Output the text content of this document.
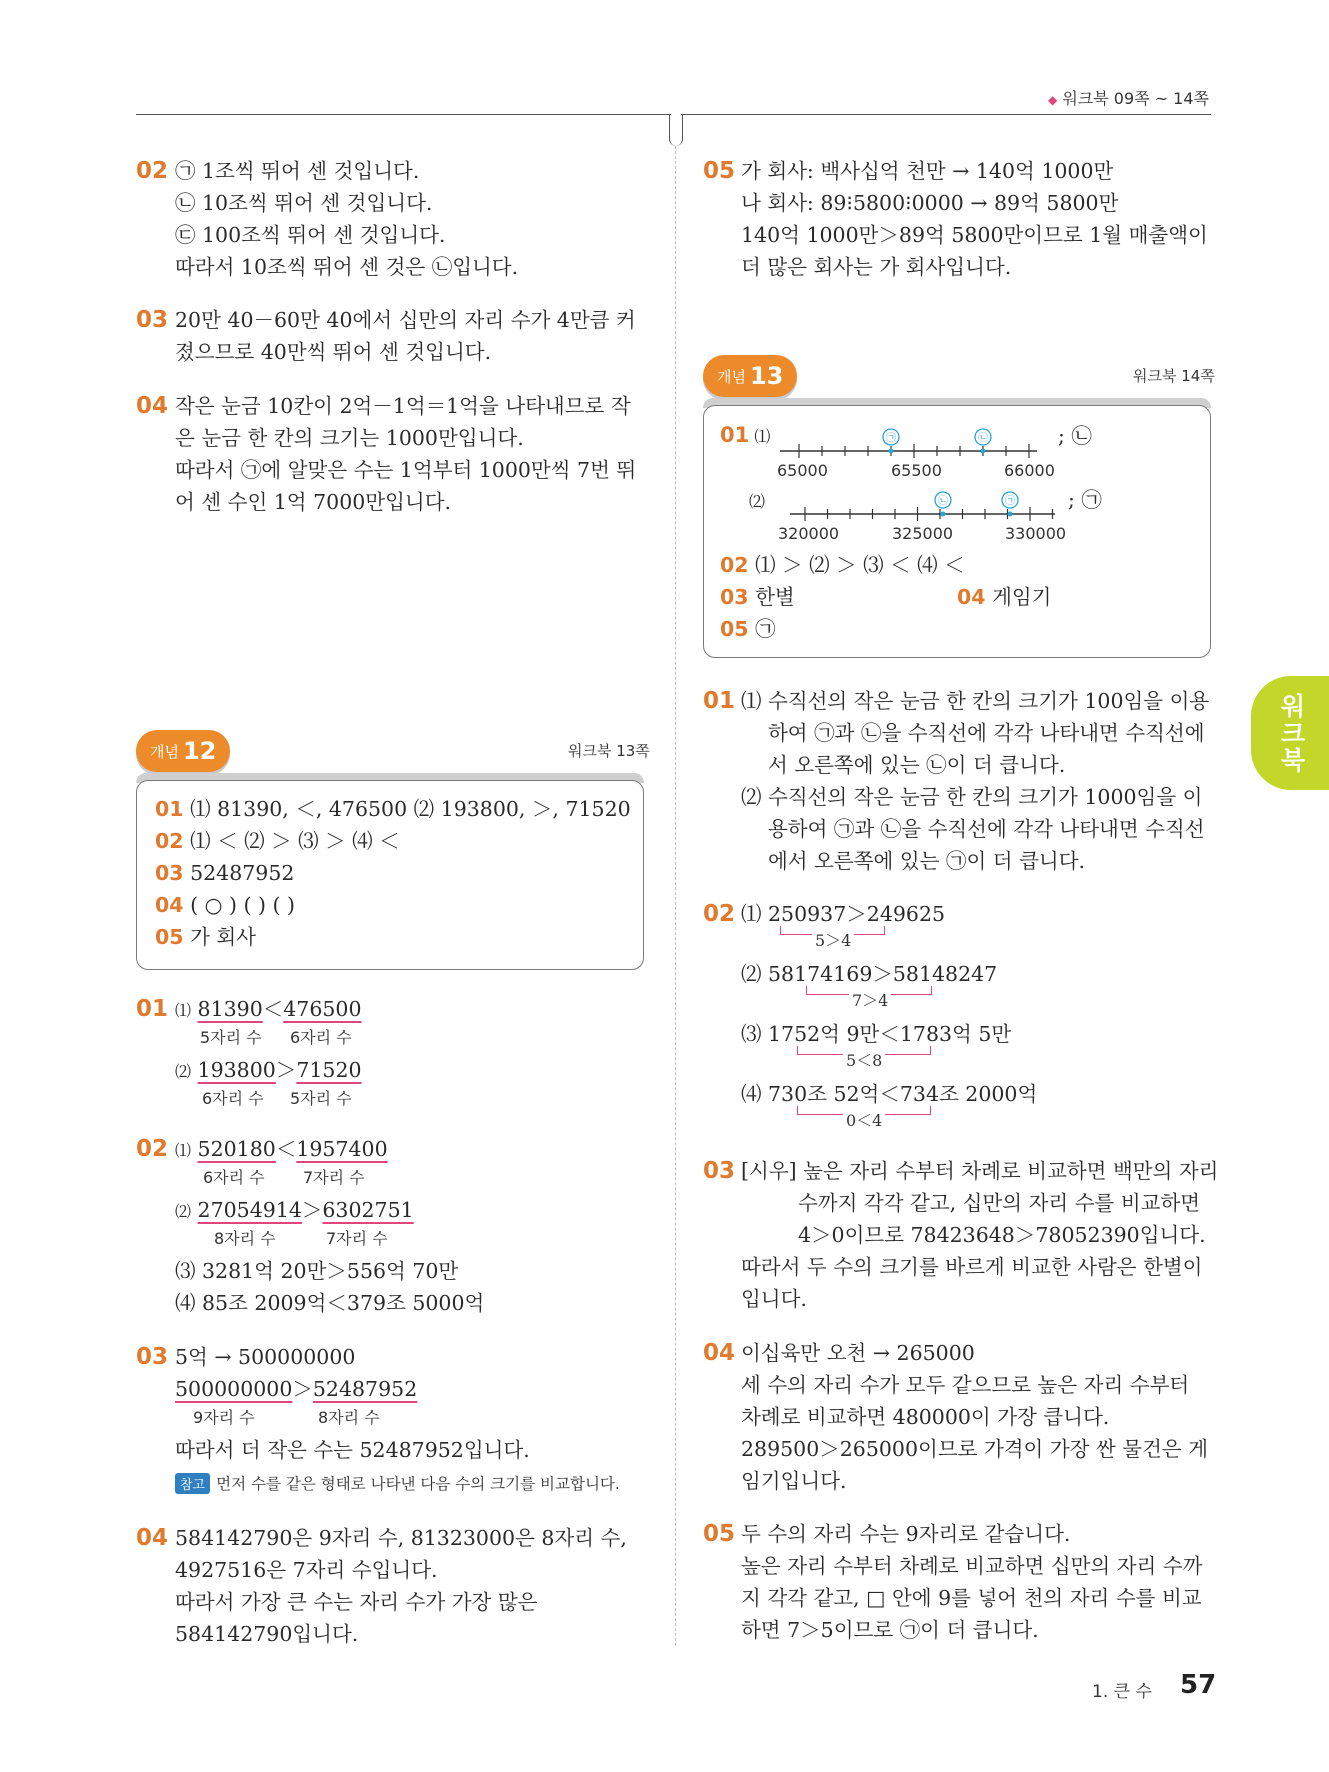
◆ 워크북 09쪽 ~ 14쪽
02 ㉠ 1조씩 뛰어 센 것입니다.
㉡ 10조씩 뛰어 센 것입니다.
㉢ 100조씩 뛰어 센 것입니다.
따라서 10조씩 뛰어 센 것은 ㉡입니다.
03 20만 40－60만 40에서 십만의 자리 수가 4만큼 커
졌으므로 40만씩 뛰어 센 것입니다.
04 작은 눈금 10칸이 2억－1억＝1억을 나타내므로 작
은 눈금 한 칸의 크기는 1000만입니다.
따라서 ㉠에 알맞은 수는 1억부터 1000만씩 7번 뛰
어 센 수인 1억 7000만입니다.
개념 12	워크북 13쪽
01 ⑴ 81390, ＜, 476500 ⑵ 193800, ＞, 71520
02 ⑴ ＜ ⑵ ＞ ⑶ ＞ ⑷ ＜
03 52487952
04 ( ○ ) ( ) ( )
05 가 회사
01 ⑴ 81390＜476500
5자리 수 6자리 수
⑵ 193800＞71520
6자리 수 5자리 수
02 ⑴ 520180＜1957400
6자리 수 7자리 수
⑵ 27054914＞6302751
8자리 수	7자리 수
⑶ 3281억 20만＞556억 70만
⑷ 85조 2009억＜379조 5000억
03 5억 → 500000000
500000000＞52487952
9자리 수	8자리 수
따라서 더 작은 수는 52487952입니다.
참고 먼저 수를 같은 형태로 나타낸 다음 수의 크기를 비교합니다.
04 584142790은 9자리 수, 81323000은 8자리 수,
4927516은 7자리 수입니다.
따라서 가장 큰 수는 자리 수가 가장 많은
584142790입니다.
05 가 회사: 백사십억 천만 → 140억 1000만
나 회사: 89⁝5800⁝0000 → 89억 5800만
140억 1000만＞89억 5800만이므로 1월 매출액이
더 많은 회사는 가 회사입니다.
개념 13	워크북 14쪽
01 ⑴
⑵
㉠	㉡
65000	65500	66000
; ㉡
㉡	㉠
320000	325000	330000
; ㉠
02 ⑴ ＞ ⑵ ＞ ⑶ ＜ ⑷ ＜
03 한별	04 게임기
05 ㉠
01 ⑴ 수직선의 작은 눈금 한 칸의 크기가 100임을 이용
하여 ㉠과 ㉡을 수직선에 각각 나타내면 수직선에
서 오른쪽에 있는 ㉡이 더 큽니다.
⑵ 수직선의 작은 눈금 한 칸의 크기가 1000임을 이
용하여 ㉠과 ㉡을 수직선에 각각 나타내면 수직선
에서 오른쪽에 있는 ㉠이 더 큽니다.
02 ⑴ 250937＞249625
5＞4
⑵ 58174169＞58148247
7＞4
⑶ 1752억 9만＜1783억 5만
5＜8
⑷ 730조 52억＜734조 2000억
0＜4
03 [시우] 높은 자리 수부터 차례로 비교하면 백만의 자리
수까지 각각 같고, 십만의 자리 수를 비교하면
4＞0이므로 78423648＞78052390입니다.
따라서 두 수의 크기를 바르게 비교한 사람은 한별이
입니다.
04 이십육만 오천 → 265000
세 수의 자리 수가 모두 같으므로 높은 자리 수부터
차례로 비교하면 480000이 가장 큽니다.
289500＞265000이므로 가격이 가장 싼 물건은 게
임기입니다.
05 두 수의 자리 수는 9자리로 같습니다.
높은 자리 수부터 차례로 비교하면 십만의 자리 수까
지 각각 같고, □ 안에 9를 넣어 천의 자리 수를 비교
하면 7＞5이므로 ㉠이 더 큽니다.
워
크
북
1. 큰 수 57
